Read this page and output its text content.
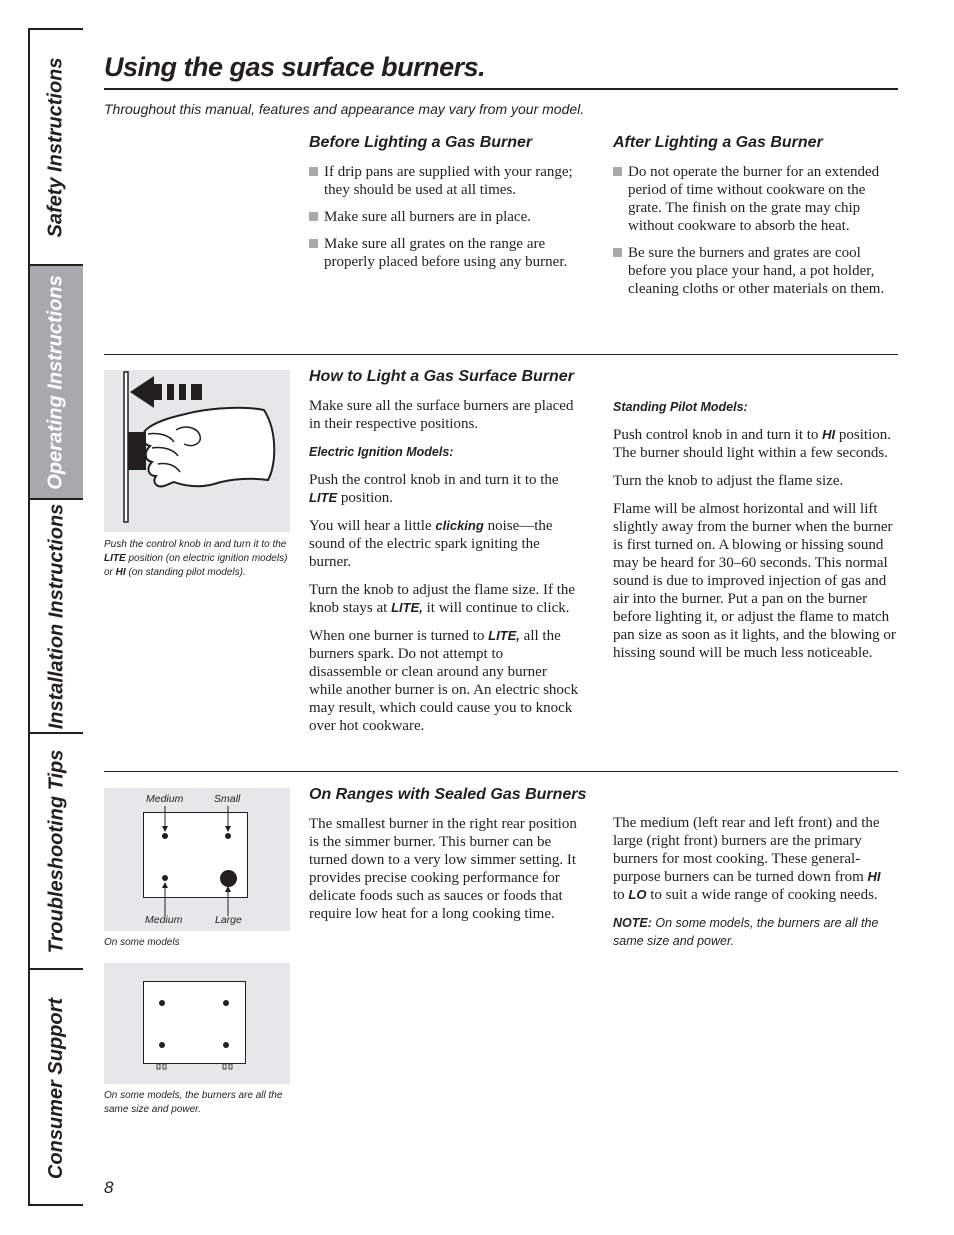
Safety Instructions
Operating Instructions
Installation Instructions
Troubleshooting Tips
Consumer Support
Using the gas surface burners.
Throughout this manual, features and appearance may vary from your model.
Before Lighting a Gas Burner
If drip pans are supplied with your range; they should be used at all times.
Make sure all burners are in place.
Make sure all grates on the range are properly placed before using any burner.
After Lighting a Gas Burner
Do not operate the burner for an extended period of time without cookware on the grate. The finish on the grate may chip without cookware to absorb the heat.
Be sure the burners and grates are cool before you place your hand, a pot holder, cleaning cloths or other materials on them.
Push the control knob in and turn it to the LITE position (on electric ignition models) or HI (on standing pilot models).
How to Light a Gas Surface Burner

Make sure all the surface burners are placed in their respective positions.

Electric Ignition Models:

Push the control knob in and turn it to the LITE position.

You will hear a little clicking noise—the sound of the electric spark igniting the burner.

Turn the knob to adjust the flame size. If the knob stays at LITE, it will continue to click.

When one burner is turned to LITE, all the burners spark. Do not attempt to disassemble or clean around any burner while another burner is on. An electric shock may result, which could cause you to knock over hot cookware.

Standing Pilot Models:

Push control knob in and turn it to HI position. The burner should light within a few seconds.

Turn the knob to adjust the flame size.

Flame will be almost horizontal and will lift slightly away from the burner when the burner is first turned on. A blowing or hissing sound may be heard for 30–60 seconds. This normal sound is due to improved injection of gas and air into the burner. Put a pan on the burner before lighting it, or adjust the flame to match pan size as soon as it lights, and the blowing or hissing sound will be much less noticeable.

Medium	Small
Medium	Large
On some models
On some models, the burners are all the same size and power.
On Ranges with Sealed Gas Burners

The smallest burner in the right rear position is the simmer burner. This burner can be turned down to a very low simmer setting. It provides precise cooking performance for delicate foods such as sauces or foods that require low heat for a long cooking time.

The medium (left rear and left front) and the large (right front) burners are the primary burners for most cooking. These general-purpose burners can be turned down from HI to LO to suit a wide range of cooking needs.

NOTE: On some models, the burners are all the same size and power.

8
